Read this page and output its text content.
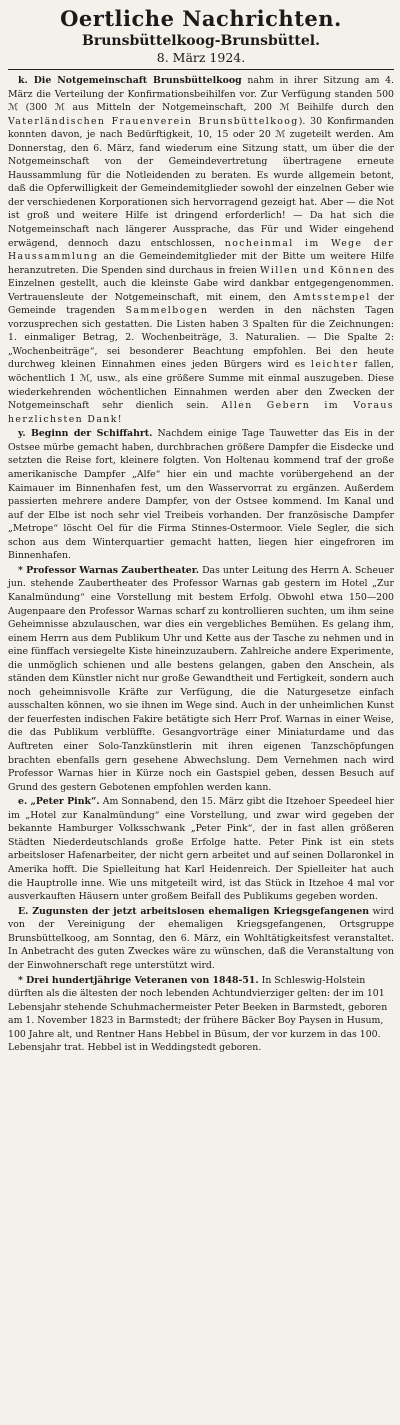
Oertliche Nachrichten.
Brunsbüttelkoog-Brunsbüttel.
8. März 1924.

k. Die Notgemeinschaft Brunsbüttelkoog nahm in ihrer Sitzung am 4. März die Verteilung der Konfirmationsbeihilfen vor. Zur Verfügung standen 500 ℳ (300 ℳ aus Mitteln der Notgemeinschaft, 200 ℳ Beihilfe durch den Vaterländischen Frauenverein Brunsbüttelkoog). 30 Konfirmanden konnten davon, je nach Bedürftigkeit, 10, 15 oder 20 ℳ zugeteilt werden. Am Donnerstag, den 6. März, fand wiederum eine Sitzung statt, um über die der Notgemeinschaft von der Gemeindevertretung übertragene erneute Haussammlung für die Notleidenden zu beraten. Es wurde allgemein betont, daß die Opferwilligkeit der Gemeindemitglieder sowohl der einzelnen Geber wie der verschiedenen Korporationen sich hervorragend gezeigt hat. Aber — die Not ist groß und weitere Hilfe ist dringend erforderlich! — Da hat sich die Notgemeinschaft nach längerer Aussprache, das Für und Wider eingehend erwägend, dennoch dazu entschlossen, nocheinmal im Wege der Haussammlung an die Gemeindemitglieder mit der Bitte um weitere Hilfe heranzutreten. Die Spenden sind durchaus in freien Willen und Können des Einzelnen gestellt, auch die kleinste Gabe wird dankbar entgegengenommen. Vertrauensleute der Notgemeinschaft, mit einem, den Amtsstempel der Gemeinde tragenden Sammelbogen werden in den nächsten Tagen vorzusprechen sich gestatten. Die Listen haben 3 Spalten für die Zeichnungen: 1. einmaliger Betrag, 2. Wochenbeiträge, 3. Naturalien. — Die Spalte 2: „Wochenbeiträge“, sei besonderer Beachtung empfohlen. Bei den heute durchweg kleinen Einnahmen eines jeden Bürgers wird es leichter fallen, wöchentlich 1 ℳ, usw., als eine größere Summe mit einmal auszugeben. Diese wiederkehrenden wöchentlichen Einnahmen werden aber den Zwecken der Notgemeinschaft sehr dienlich sein. Allen Gebern im Voraus herzlichsten Dank!

y. Beginn der Schiffahrt. Nachdem einige Tage Tauwetter das Eis in der Ostsee mürbe gemacht haben, durchbrachen größere Dampfer die Eisdecke und setzten die Reise fort, kleinere folgten. Von Holtenau kommend traf der große amerikanische Dampfer „Alfe“ hier ein und machte vorübergehend an der Kaimauer im Binnenhafen fest, um den Wasservorrat zu ergänzen. Außerdem passierten mehrere andere Dampfer, von der Ostsee kommend. Im Kanal und auf der Elbe ist noch sehr viel Treibeis vorhanden. Der französische Dampfer „Metrope“ löscht Oel für die Firma Stinnes-Ostermoor. Viele Segler, die sich schon aus dem Winterquartier gemacht hatten, liegen hier eingefroren im Binnenhafen.

* Professor Warnas Zaubertheater. Das unter Leitung des Herrn A. Scheuer jun. stehende Zaubertheater des Professor Warnas gab gestern im Hotel „Zur Kanalmündung“ eine Vorstellung mit bestem Erfolg. Obwohl etwa 150—200 Augenpaare den Professor Warnas scharf zu kontrollieren suchten, um ihm seine Geheimnisse abzulauschen, war dies ein vergebliches Bemühen. Es gelang ihm, einem Herrn aus dem Publikum Uhr und Kette aus der Tasche zu nehmen und in eine fünffach versiegelte Kiste hineinzuzaubern. Zahlreiche andere Experimente, die unmöglich schienen und alle bestens gelangen, gaben den Anschein, als ständen dem Künstler nicht nur große Gewandtheit und Fertigkeit, sondern auch noch geheimnisvolle Kräfte zur Verfügung, die die Naturgesetze einfach ausschalten können, wo sie ihnen im Wege sind. Auch in der unheimlichen Kunst der feuerfesten indischen Fakire betätigte sich Herr Prof. Warnas in einer Weise, die das Publikum verblüffte. Gesangvorträge einer Miniaturdame und das Auftreten einer Solo-Tanzkünstlerin mit ihren eigenen Tanzschöpfungen brachten ebenfalls gern gesehene Abwechslung. Dem Vernehmen nach wird Professor Warnas hier in Kürze noch ein Gastspiel geben, dessen Besuch auf Grund des gestern Gebotenen empfohlen werden kann.

e. „Peter Pink“. Am Sonnabend, den 15. März gibt die Itzehoer Speedeel hier im „Hotel zur Kanalmündung“ eine Vorstellung, und zwar wird gegeben der bekannte Hamburger Volksschwank „Peter Pink“, der in fast allen größeren Städten Niederdeutschlands große Erfolge hatte. Peter Pink ist ein stets arbeitsloser Hafenarbeiter, der nicht gern arbeitet und auf seinen Dollaronkel in Amerika hofft. Die Spielleitung hat Karl Heidenreich. Der Spielleiter hat auch die Hauptrolle inne. Wie uns mitgeteilt wird, ist das Stück in Itzehoe 4 mal vor ausverkauften Häusern unter großem Beifall des Publikums gegeben worden.

E. Zugunsten der jetzt arbeitslosen ehemaligen Kriegsgefangenen wird von der Vereinigung der ehemaligen Kriegsgefangenen, Ortsgruppe Brunsbüttelkoog, am Sonntag, den 6. März, ein Wohltätigkeitsfest veranstaltet. In Anbetracht des guten Zweckes wäre zu wünschen, daß die Veranstaltung von der Einwohnerschaft rege unterstützt wird.

* Drei hundertjährige Veteranen von 1848-51. In Schleswig-Holstein dürften als die ältesten der noch lebenden Achtundvierziger gelten: der im 101 Lebensjahr stehende Schuhmachermeister Peter Beeken in Barmstedt, geboren am 1. November 1823 in Barmstedt; der frühere Bäcker Boy Paysen in Husum, 100 Jahre alt, und Rentner Hans Hebbel in Büsum, der vor kurzem in das 100. Lebensjahr trat. Hebbel ist in Weddingstedt geboren.
